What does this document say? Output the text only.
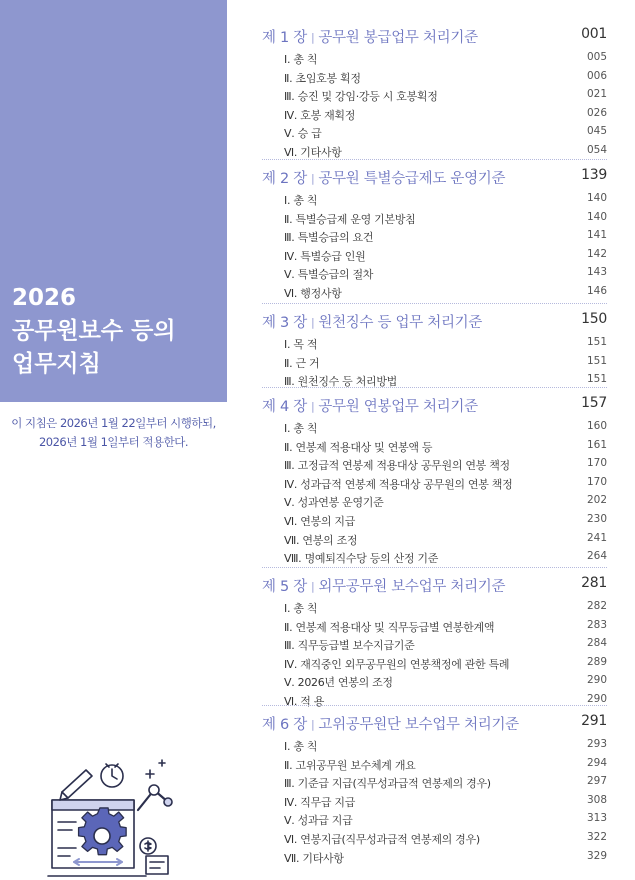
2026
공무원보수 등의
업무지침
이 지침은 2026년 1월 22일부터 시행하되,
2026년 1월 1일부터 적용한다.
제 1 장 | 공무원 봉급업무 처리기준	001
Ⅰ. 총 칙	005
Ⅱ. 초임호봉 획정	006
Ⅲ. 승진 및 강임·강등 시 호봉획정	021
Ⅳ. 호봉 재획정	026
Ⅴ. 승 급	045
Ⅵ. 기타사항	054
제 2 장 | 공무원 특별승급제도 운영기준	139
Ⅰ. 총 칙	140
Ⅱ. 특별승급제 운영 기본방침	140
Ⅲ. 특별승급의 요건	141
Ⅳ. 특별승급 인원	142
Ⅴ. 특별승급의 절차	143
Ⅵ. 행정사항	146
제 3 장 | 원천징수 등 업무 처리기준	150
Ⅰ. 목 적	151
Ⅱ. 근 거	151
Ⅲ. 원천징수 등 처리방법	151
제 4 장 | 공무원 연봉업무 처리기준	157
Ⅰ. 총 칙	160
Ⅱ. 연봉제 적용대상 및 연봉액 등	161
Ⅲ. 고정급적 연봉제 적용대상 공무원의 연봉 책정	170
Ⅳ. 성과급적 연봉제 적용대상 공무원의 연봉 책정	170
Ⅴ. 성과연봉 운영기준	202
Ⅵ. 연봉의 지급	230
Ⅶ. 연봉의 조정	241
Ⅷ. 명예퇴직수당 등의 산정 기준	264
제 5 장 | 외무공무원 보수업무 처리기준	281
Ⅰ. 총 칙	282
Ⅱ. 연봉제 적용대상 및 직무등급별 연봉한계액	283
Ⅲ. 직무등급별 보수지급기준	284
Ⅳ. 재직중인 외무공무원의 연봉책정에 관한 특례	289
Ⅴ. 2026년 연봉의 조정	290
Ⅵ. 적 용	290
제 6 장 | 고위공무원단 보수업무 처리기준	291
Ⅰ. 총 칙	293
Ⅱ. 고위공무원 보수체계 개요	294
Ⅲ. 기준급 지급(직무성과급적 연봉제의 경우)	297
Ⅳ. 직무급 지급	308
Ⅴ. 성과급 지급	313
Ⅵ. 연봉지급(직무성과급적 연봉제의 경우)	322
Ⅶ. 기타사항	329
